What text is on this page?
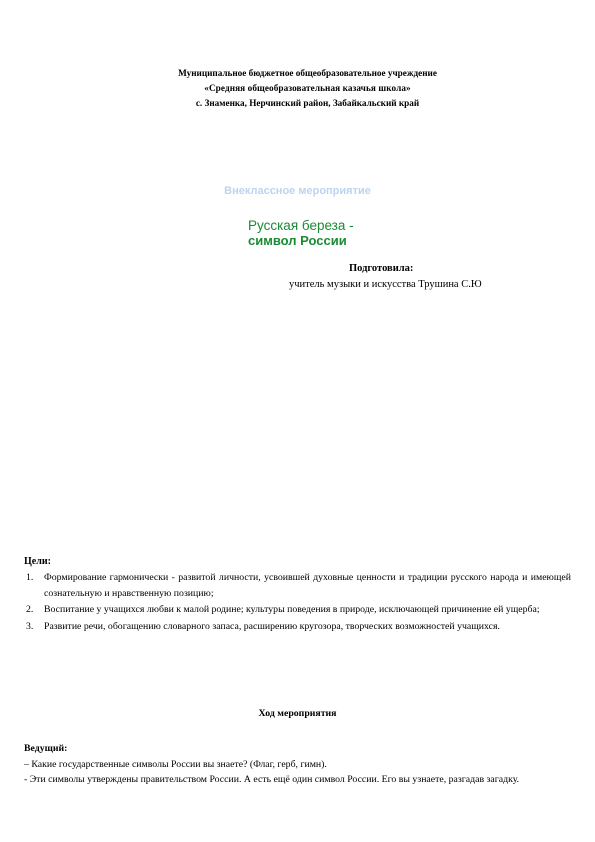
Муниципальное бюджетное общеобразовательное учреждение
«Средняя общеобразовательная казачья школа»
с. Знаменка, Нерчинский район, Забайкальский край
Внеклассное мероприятие
Русская береза -
символ России
Подготовила:
учитель музыки и искусства Трушина С.Ю
Цели:
1. Формирование гармонически - развитой личности, усвоившей духовные ценности и традиции русского народа и имеющей сознательную и нравственную позицию;
2. Воспитание у учащихся любви к малой родине; культуры поведения в природе, исключающей причинение ей ущерба;
3. Развитие речи, обогащению словарного запаса, расширению кругозора, творческих возможностей учащихся.
Ход мероприятия
Ведущий:
– Какие государственные символы России вы знаете? (Флаг, герб, гимн).
- Эти символы утверждены правительством России. А есть ещё один символ России. Его вы узнаете, разгадав загадку.
